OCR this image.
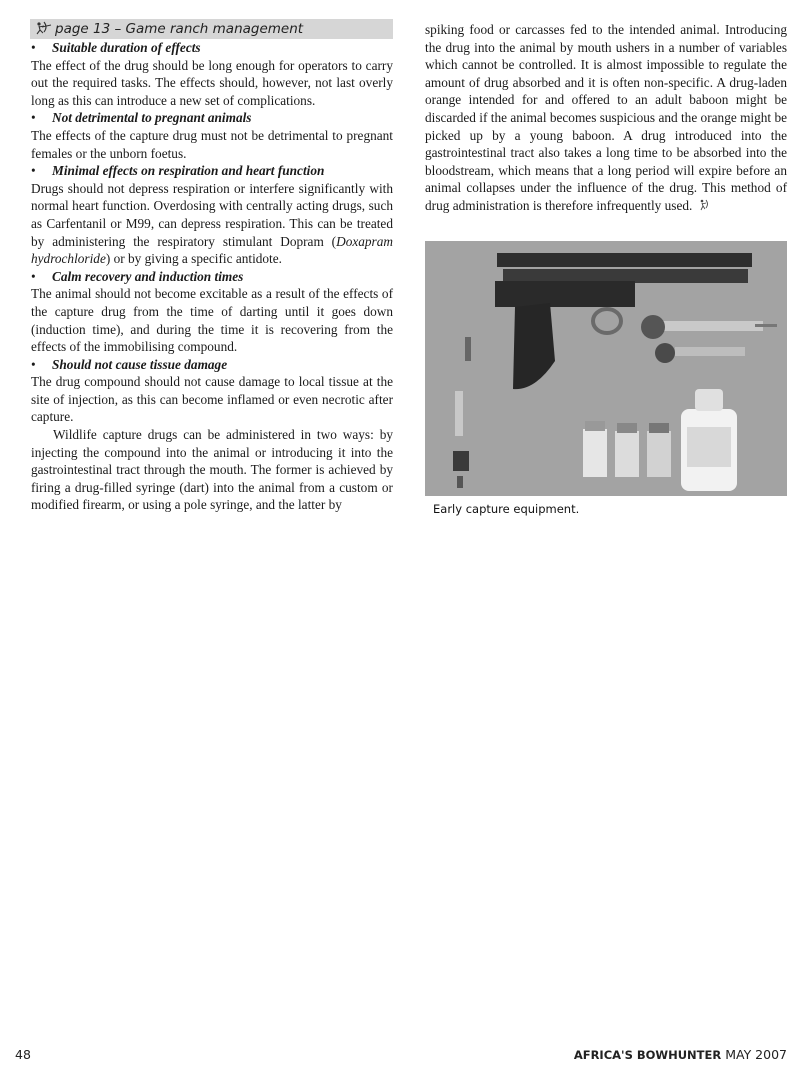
page 13 – Game ranch management

• Suitable duration of effects

The effect of the drug should be long enough for operators to carry out the required tasks. The effects should, however, not last overly long as this can introduce a new set of complications.

• Not detrimental to pregnant animals

The effects of the capture drug must not be detrimental to pregnant females or the unborn foetus.

• Minimal effects on respiration and heart function

Drugs should not depress respiration or interfere significantly with normal heart function. Overdosing with centrally acting drugs, such as Carfentanil or M99, can depress respiration. This can be treated by administering the respiratory stimulant Dopram (Doxapram hydrochloride) or by giving a specific antidote.

• Calm recovery and induction times

The animal should not become excitable as a result of the effects of the capture drug from the time of darting until it goes down (induction time), and during the time it is recovering from the effects of the immobilising compound.

• Should not cause tissue damage

The drug compound should not cause damage to local tissue at the site of injection, as this can become inflamed or even necrotic after capture.

Wildlife capture drugs can be administered in two ways: by injecting the compound into the animal or introducing it into the gastrointestinal tract through the mouth. The former is achieved by firing a drug-filled syringe (dart) into the animal from a custom or modified firearm, or using a pole syringe, and the latter by

spiking food or carcasses fed to the intended animal. Introducing the drug into the animal by mouth ushers in a number of variables which cannot be controlled. It is almost impossible to regulate the amount of drug absorbed and it is often non-specific. A drug-laden orange intended for and offered to an adult baboon might be discarded if the animal becomes suspicious and the orange might be picked up by a young baboon. A drug introduced into the gastrointestinal tract also takes a long time to be absorbed into the bloodstream, which means that a long period will expire before an animal collapses under the influence of the drug. This method of drug administration is therefore infrequently used.

Early capture equipment.
48	AFRICA'S BOWHUNTER MAY 2007
